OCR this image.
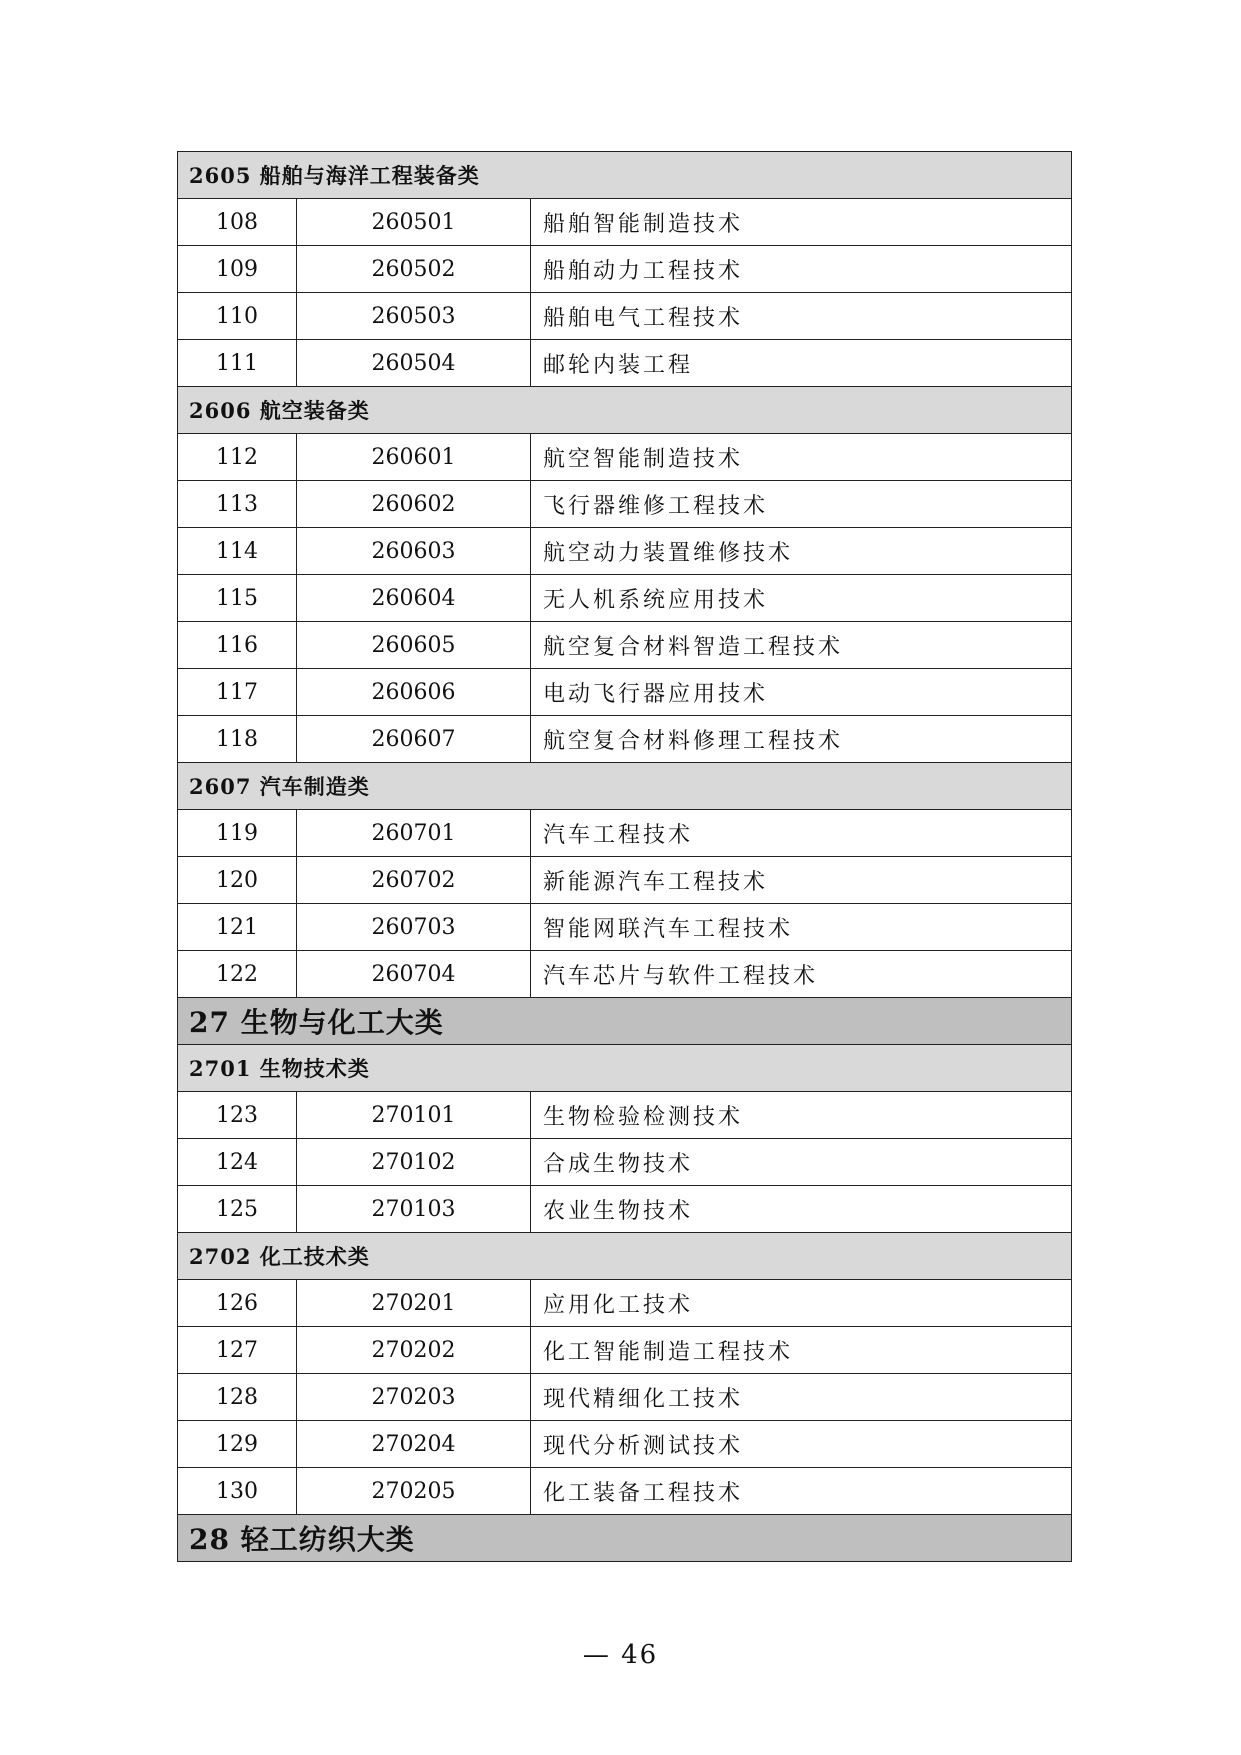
2605 船舶与海洋工程装备类		
108	260501	船舶智能制造技术
109	260502	船舶动力工程技术
110	260503	船舶电气工程技术
111	260504	邮轮内装工程
2606 航空装备类		
112	260601	航空智能制造技术
113	260602	飞行器维修工程技术
114	260603	航空动力装置维修技术
115	260604	无人机系统应用技术
116	260605	航空复合材料智造工程技术
117	260606	电动飞行器应用技术
118	260607	航空复合材料修理工程技术
2607 汽车制造类		
119	260701	汽车工程技术
120	260702	新能源汽车工程技术
121	260703	智能网联汽车工程技术
122	260704	汽车芯片与软件工程技术
27 生物与化工大类		
2701 生物技术类		
123	270101	生物检验检测技术
124	270102	合成生物技术
125	270103	农业生物技术
2702 化工技术类		
126	270201	应用化工技术
127	270202	化工智能制造工程技术
128	270203	现代精细化工技术
129	270204	现代分析测试技术
130	270205	化工装备工程技术
28 轻工纺织大类		
— 46
